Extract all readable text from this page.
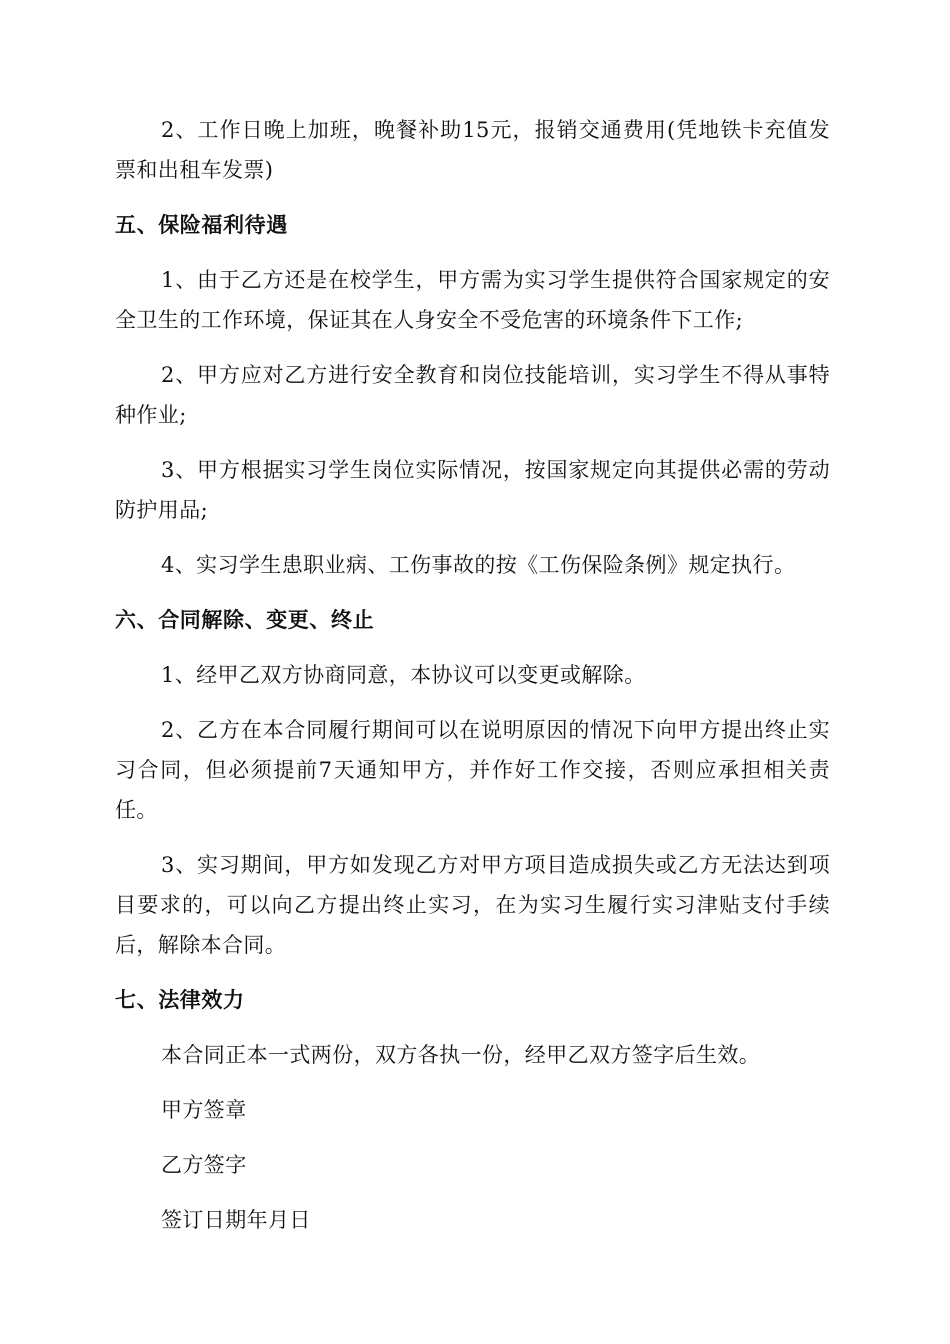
2、工作日晚上加班，晚餐补助15元，报销交通费用(凭地铁卡充值发票和出租车发票)

五、保险福利待遇

1、由于乙方还是在校学生，甲方需为实习学生提供符合国家规定的安全卫生的工作环境，保证其在人身安全不受危害的环境条件下工作;

2、甲方应对乙方进行安全教育和岗位技能培训，实习学生不得从事特种作业;

3、甲方根据实习学生岗位实际情况，按国家规定向其提供必需的劳动防护用品;

4、实习学生患职业病、工伤事故的按《工伤保险条例》规定执行。

六、合同解除、变更、终止

1、经甲乙双方协商同意，本协议可以变更或解除。

2、乙方在本合同履行期间可以在说明原因的情况下向甲方提出终止实习合同，但必须提前7天通知甲方，并作好工作交接，否则应承担相关责任。

3、实习期间，甲方如发现乙方对甲方项目造成损失或乙方无法达到项目要求的，可以向乙方提出终止实习，在为实习生履行实习津贴支付手续后，解除本合同。

七、法律效力

本合同正本一式两份，双方各执一份，经甲乙双方签字后生效。

甲方签章

乙方签字

签订日期年月日
